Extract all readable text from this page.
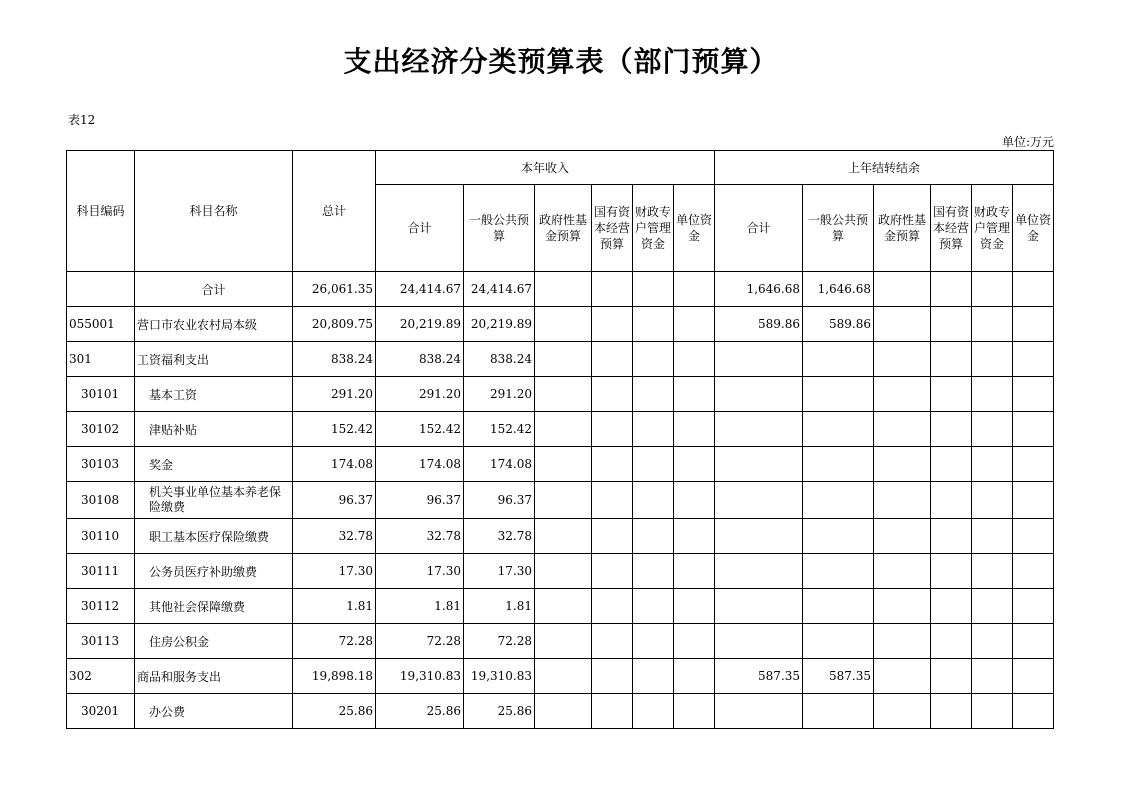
支出经济分类预算表（部门预算）
表12
单位:万元
科目编码	科目名称	总计	本年收入						上年结转结余					
			合计	一般公共预算	政府性基金预算	国有资本经营预算	财政专户管理资金	单位资金	合计	一般公共预算	政府性基金预算	国有资本经营预算	财政专户管理资金	单位资金
	合计	26,061.35	24,414.67	24,414.67					1,646.68	1,646.68				
055001	营口市农业农村局本级	20,809.75	20,219.89	20,219.89					589.86	589.86				
301	工资福利支出	838.24	838.24	838.24										
30101	基本工资	291.20	291.20	291.20										
30102	津贴补贴	152.42	152.42	152.42										
30103	奖金	174.08	174.08	174.08										
30108	机关事业单位基本养老保险缴费	96.37	96.37	96.37										
30110	职工基本医疗保险缴费	32.78	32.78	32.78										
30111	公务员医疗补助缴费	17.30	17.30	17.30										
30112	其他社会保障缴费	1.81	1.81	1.81										
30113	住房公积金	72.28	72.28	72.28										
302	商品和服务支出	19,898.18	19,310.83	19,310.83					587.35	587.35				
30201	办公费	25.86	25.86	25.86										
